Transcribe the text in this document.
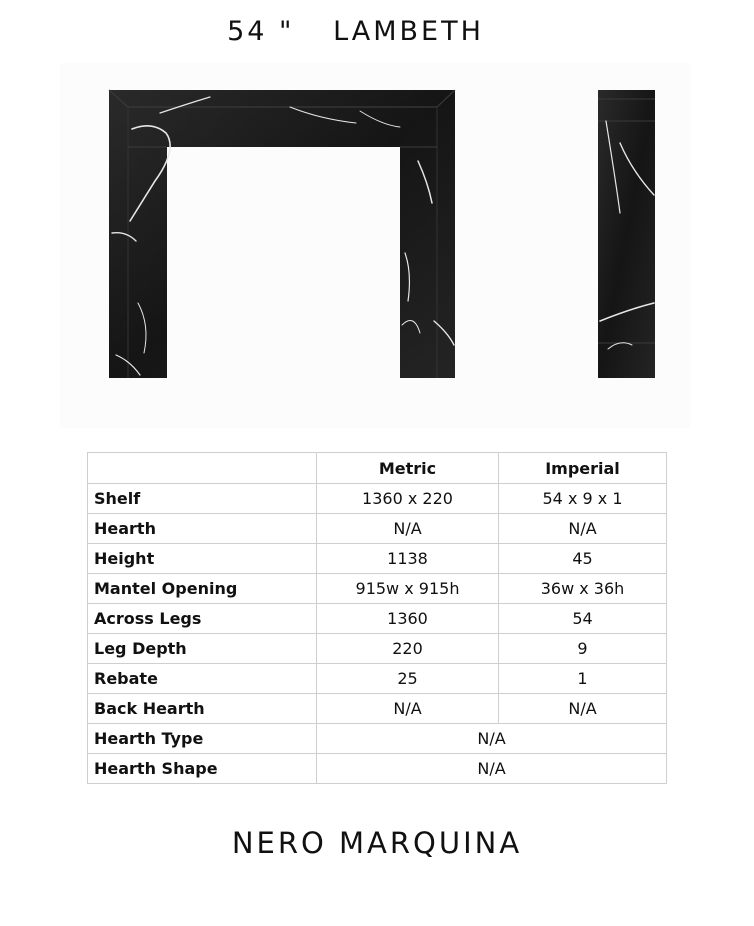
54 " LAMBETH
	Metric	Imperial
Shelf	1360 x 220	54 x 9 x 1
Hearth	N/A	N/A
Height	1138	45
Mantel Opening	915w x 915h	36w x 36h
Across Legs	1360	54
Leg Depth	220	9
Rebate	25	1
Back Hearth	N/A	N/A
Hearth Type	N/A	
Hearth Shape	N/A	
NERO MARQUINA
